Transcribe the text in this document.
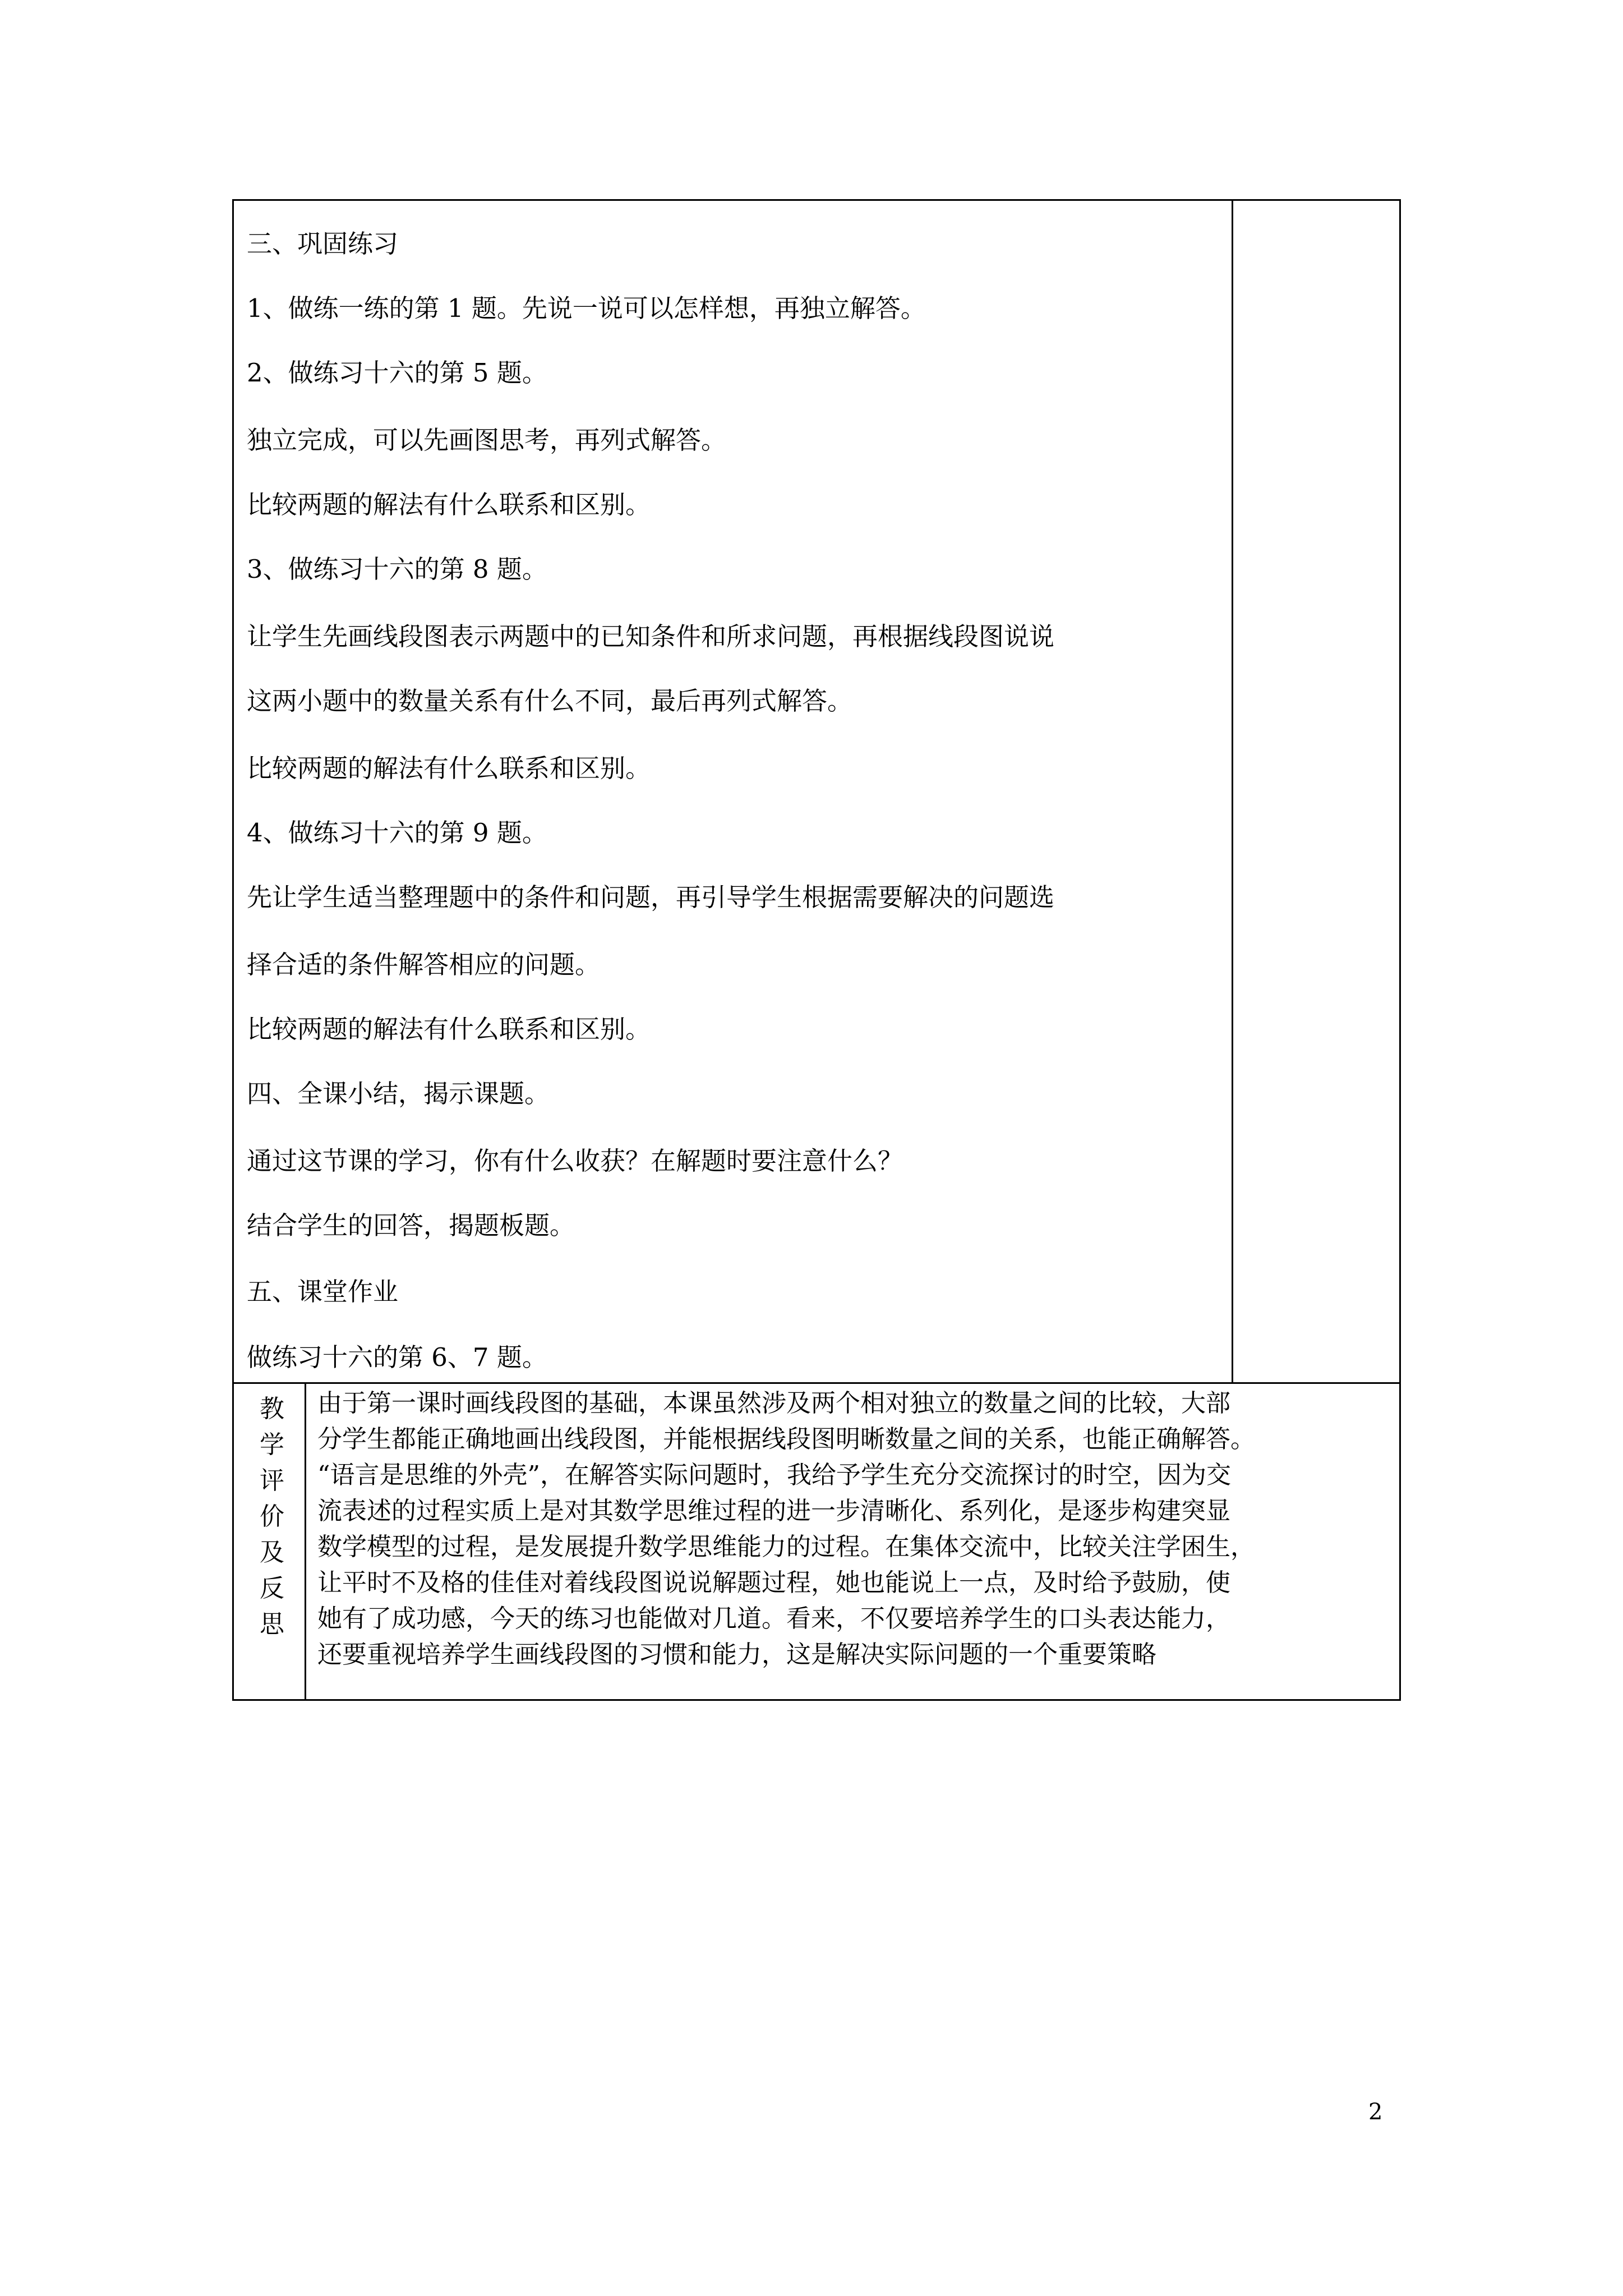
三、巩固练习
1、做练一练的第 1 题。先说一说可以怎样想，再独立解答。
2、做练习十六的第 5 题。
独立完成，可以先画图思考，再列式解答。
比较两题的解法有什么联系和区别。
3、做练习十六的第 8 题。
让学生先画线段图表示两题中的已知条件和所求问题，再根据线段图说说
这两小题中的数量关系有什么不同，最后再列式解答。
比较两题的解法有什么联系和区别。
4、做练习十六的第 9 题。
先让学生适当整理题中的条件和问题，再引导学生根据需要解决的问题选
择合适的条件解答相应的问题。
比较两题的解法有什么联系和区别。
四、全课小结，揭示课题。
通过这节课的学习，你有什么收获？在解题时要注意什么？
结合学生的回答，揭题板题。
五、课堂作业
做练习十六的第 6、7 题。
教
学
评
价
及
反
思
由于第一课时画线段图的基础，本课虽然涉及两个相对独立的数量之间的比较，大部
分学生都能正确地画出线段图，并能根据线段图明晰数量之间的关系，也能正确解答。
“语言是思维的外壳”，在解答实际问题时，我给予学生充分交流探讨的时空，因为交
流表述的过程实质上是对其数学思维过程的进一步清晰化、系列化，是逐步构建突显
数学模型的过程，是发展提升数学思维能力的过程。在集体交流中，比较关注学困生，
让平时不及格的佳佳对着线段图说说解题过程，她也能说上一点，及时给予鼓励，使
她有了成功感，今天的练习也能做对几道。看来，不仅要培养学生的口头表达能力，
还要重视培养学生画线段图的习惯和能力，这是解决实际问题的一个重要策略
2
